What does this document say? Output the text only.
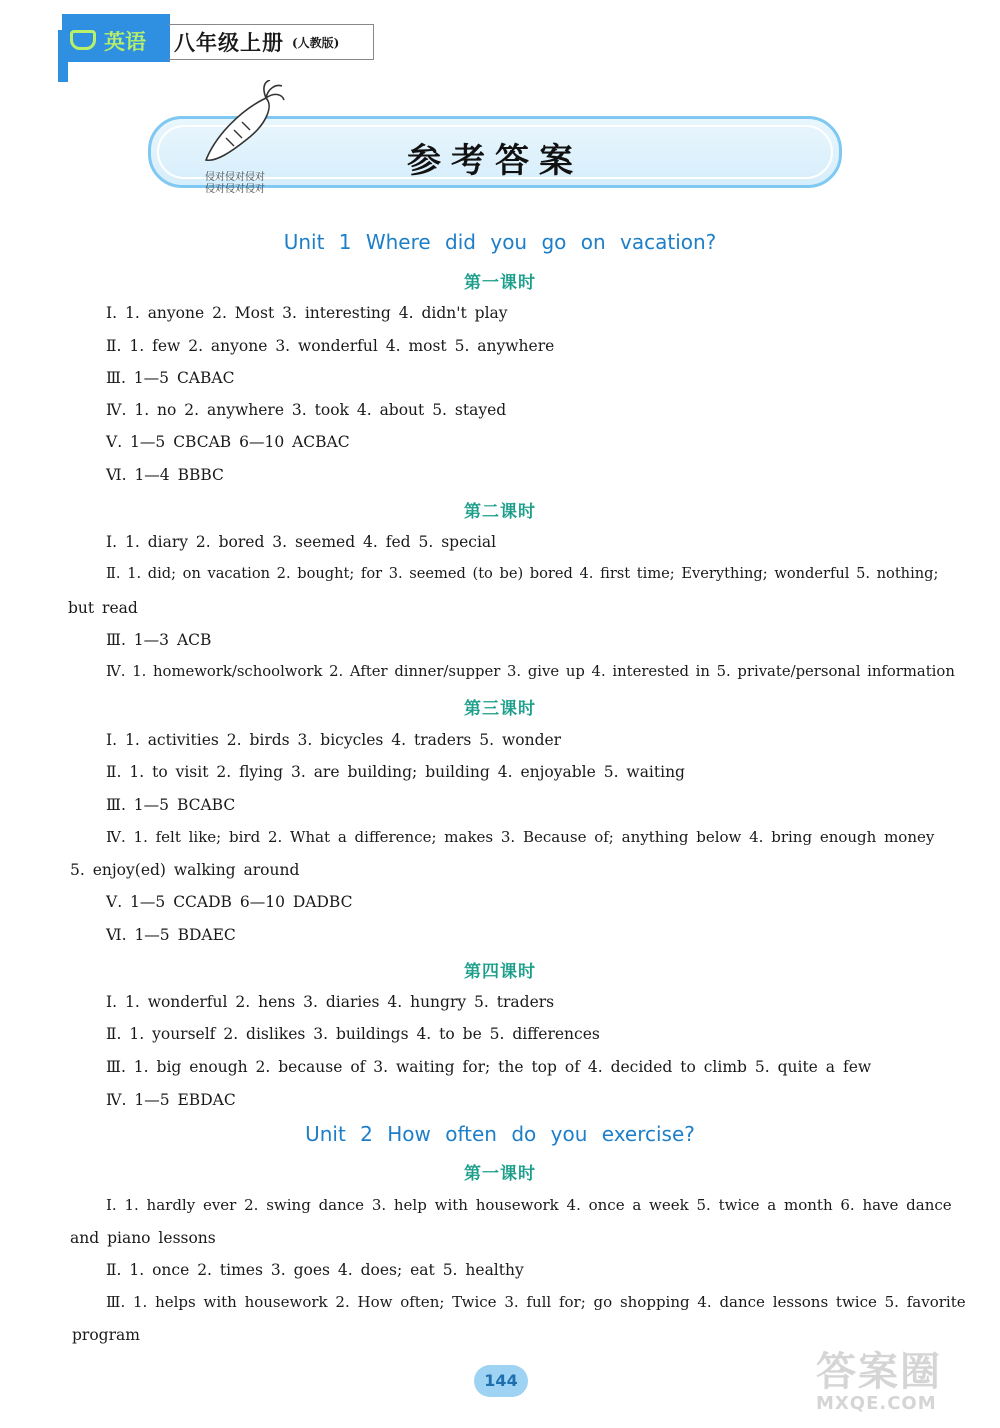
英语 八年级上册 (人教版)
参考答案
侵对侵对侵对
侵对侵对侵对
Unit 1 Where did you go on vacation?
第一课时
Ⅰ. 1. anyone 2. Most 3. interesting 4. didn't play
Ⅱ. 1. few 2. anyone 3. wonderful 4. most 5. anywhere
Ⅲ. 1—5 CABAC
Ⅳ. 1. no 2. anywhere 3. took 4. about 5. stayed
Ⅴ. 1—5 CBCAB 6—10 ACBAC
Ⅵ. 1—4 BBBC
第二课时
Ⅰ. 1. diary 2. bored 3. seemed 4. fed 5. special
Ⅱ. 1. did; on vacation 2. bought; for 3. seemed (to be) bored 4. first time; Everything; wonderful 5. nothing;
but read
Ⅲ. 1—3 ACB
Ⅳ. 1. homework/schoolwork 2. After dinner/supper 3. give up 4. interested in 5. private/personal information
第三课时
Ⅰ. 1. activities 2. birds 3. bicycles 4. traders 5. wonder
Ⅱ. 1. to visit 2. flying 3. are building; building 4. enjoyable 5. waiting
Ⅲ. 1—5 BCABC
Ⅳ. 1. felt like; bird 2. What a difference; makes 3. Because of; anything below 4. bring enough money
5. enjoy(ed) walking around
Ⅴ. 1—5 CCADB 6—10 DADBC
Ⅵ. 1—5 BDAEC
第四课时
Ⅰ. 1. wonderful 2. hens 3. diaries 4. hungry 5. traders
Ⅱ. 1. yourself 2. dislikes 3. buildings 4. to be 5. differences
Ⅲ. 1. big enough 2. because of 3. waiting for; the top of 4. decided to climb 5. quite a few
Ⅳ. 1—5 EBDAC
Unit 2 How often do you exercise?
第一课时
Ⅰ. 1. hardly ever 2. swing dance 3. help with housework 4. once a week 5. twice a month 6. have dance
and piano lessons
Ⅱ. 1. once 2. times 3. goes 4. does; eat 5. healthy
Ⅲ. 1. helps with housework 2. How often; Twice 3. full for; go shopping 4. dance lessons twice 5. favorite
program
144	答案圈
MXQE.COM
